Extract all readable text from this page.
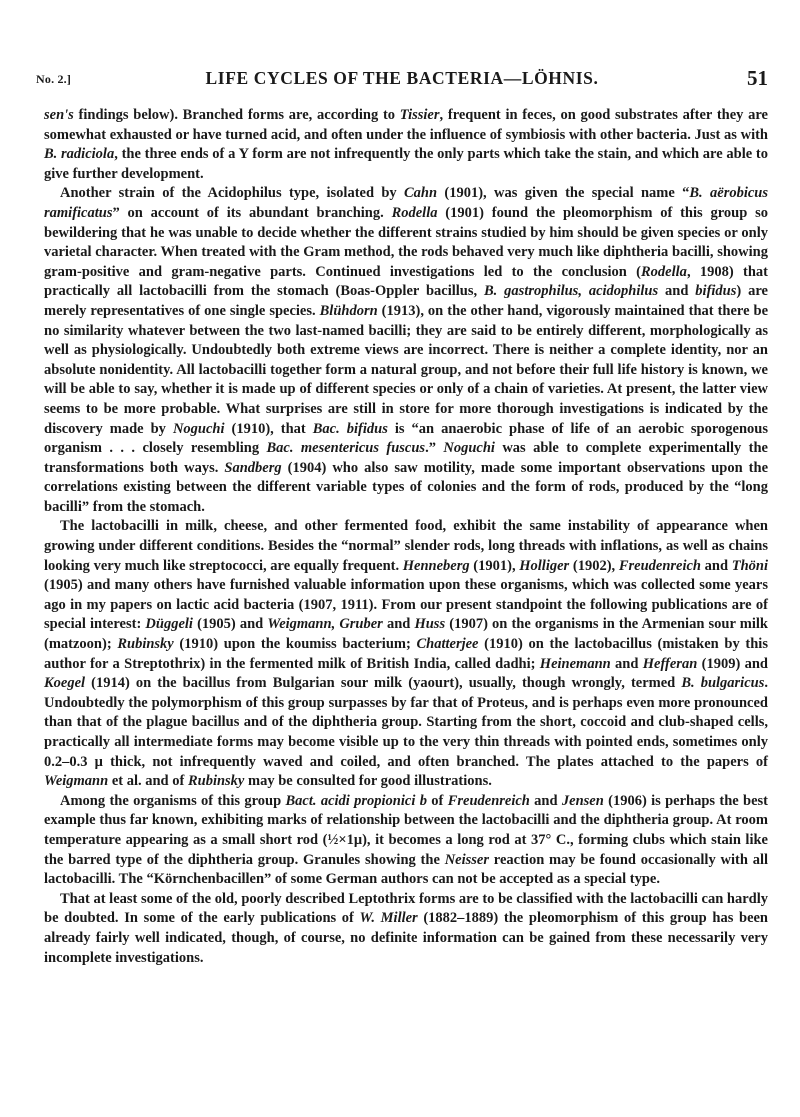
No. 2.]	LIFE CYCLES OF THE BACTERIA—LÖHNIS.	51

sen's findings below). Branched forms are, according to Tissier, frequent in feces, on good substrates after they are somewhat exhausted or have turned acid, and often under the influence of symbiosis with other bacteria. Just as with B. radiciola, the three ends of a Y form are not infrequently the only parts which take the stain, and which are able to give further development.

Another strain of the Acidophilus type, isolated by Cahn (1901), was given the special name “B. aërobicus ramificatus” on account of its abundant branching. Rodella (1901) found the pleomorphism of this group so bewildering that he was unable to decide whether the different strains studied by him should be given species or only varietal character. When treated with the Gram method, the rods behaved very much like diphtheria bacilli, showing gram-positive and gram-negative parts. Continued investigations led to the conclusion (Rodella, 1908) that practically all lactobacilli from the stomach (Boas-Oppler bacillus, B. gastrophilus, acidophilus and bifidus) are merely representatives of one single species. Blühdorn (1913), on the other hand, vigorously maintained that there be no similarity whatever between the two last-named bacilli; they are said to be entirely different, morphologically as well as physiologically. Undoubtedly both extreme views are incorrect. There is neither a complete identity, nor an absolute nonidentity. All lactobacilli together form a natural group, and not before their full life history is known, we will be able to say, whether it is made up of different species or only of a chain of varieties. At present, the latter view seems to be more probable. What surprises are still in store for more thorough investigations is indicated by the discovery made by Noguchi (1910), that Bac. bifidus is “an anaerobic phase of life of an aerobic sporogenous organism . . . closely resembling Bac. mesentericus fuscus.” Noguchi was able to complete experimentally the transformations both ways. Sandberg (1904) who also saw motility, made some important observations upon the correlations existing between the different variable types of colonies and the form of rods, produced by the “long bacilli” from the stomach.

The lactobacilli in milk, cheese, and other fermented food, exhibit the same instability of appearance when growing under different conditions. Besides the “normal” slender rods, long threads with inflations, as well as chains looking very much like streptococci, are equally frequent. Henneberg (1901), Holliger (1902), Freudenreich and Thöni (1905) and many others have furnished valuable information upon these organisms, which was collected some years ago in my papers on lactic acid bacteria (1907, 1911). From our present standpoint the following publications are of special interest: Düggeli (1905) and Weigmann, Gruber and Huss (1907) on the organisms in the Armenian sour milk (matzoon); Rubinsky (1910) upon the koumiss bacterium; Chatterjee (1910) on the lactobacillus (mistaken by this author for a Streptothrix) in the fermented milk of British India, called dadhi; Heinemann and Hefferan (1909) and Koegel (1914) on the bacillus from Bulgarian sour milk (yaourt), usually, though wrongly, termed B. bulgaricus. Undoubtedly the polymorphism of this group surpasses by far that of Proteus, and is perhaps even more pronounced than that of the plague bacillus and of the diphtheria group. Starting from the short, coccoid and club-shaped cells, practically all intermediate forms may become visible up to the very thin threads with pointed ends, sometimes only 0.2–0.3 μ thick, not infrequently waved and coiled, and often branched. The plates attached to the papers of Weigmann et al. and of Rubinsky may be consulted for good illustrations.

Among the organisms of this group Bact. acidi propionici b of Freudenreich and Jensen (1906) is perhaps the best example thus far known, exhibiting marks of relationship between the lactobacilli and the diphtheria group. At room temperature appearing as a small short rod (½×1μ), it becomes a long rod at 37° C., forming clubs which stain like the barred type of the diphtheria group. Granules showing the Neisser reaction may be found occasionally with all lactobacilli. The “Körnchenbacillen” of some German authors can not be accepted as a special type.

That at least some of the old, poorly described Leptothrix forms are to be classified with the lactobacilli can hardly be doubted. In some of the early publications of W. Miller (1882–1889) the pleomorphism of this group has been already fairly well indicated, though, of course, no definite information can be gained from these necessarily very incomplete investigations.
